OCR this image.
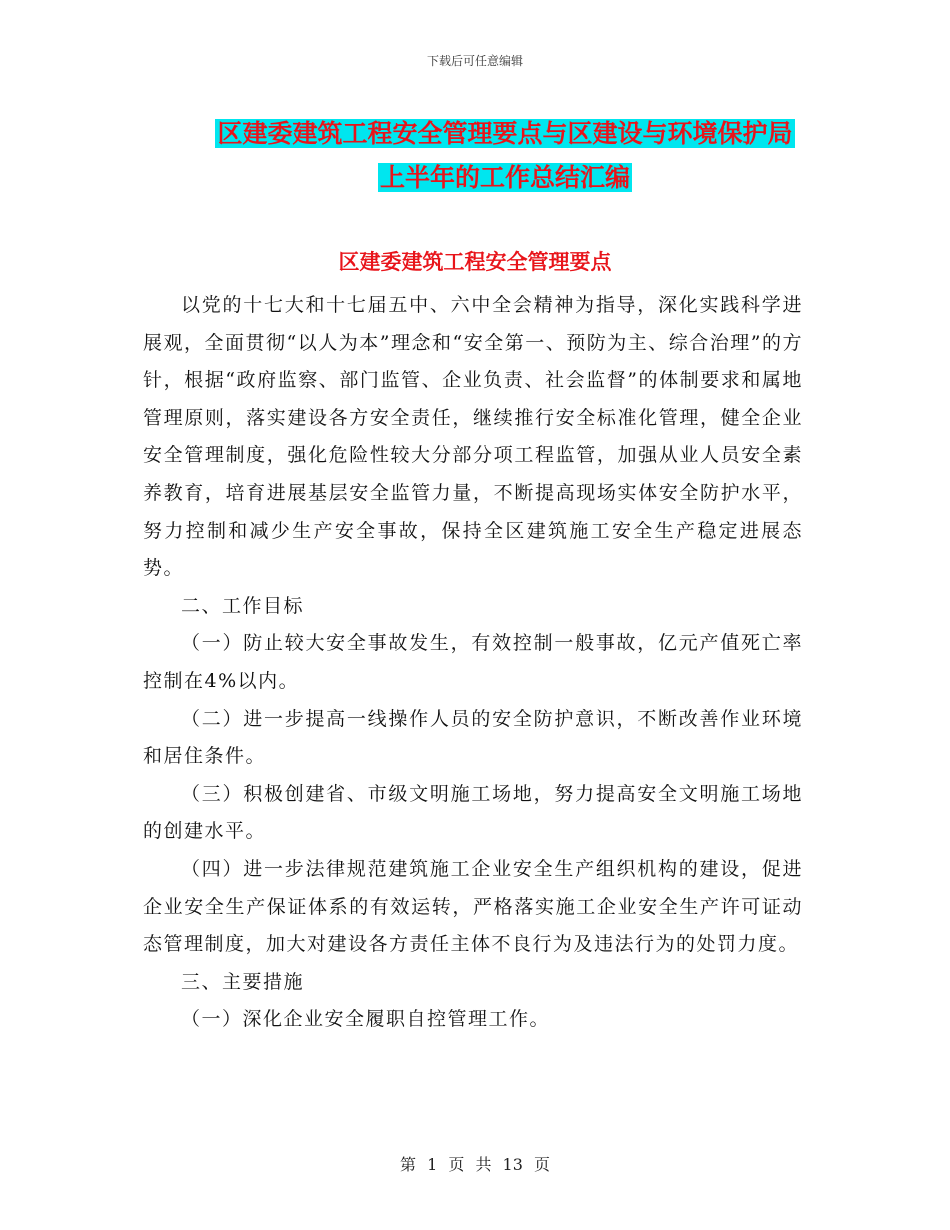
下载后可任意编辑
区建委建筑工程安全管理要点与区建设与环境保护局
上半年的工作总结汇编
区建委建筑工程安全管理要点

以党的十七大和十七届五中、六中全会精神为指导，深化实践科学进展观，全面贯彻“以人为本”理念和“安全第一、预防为主、综合治理”的方针，根据“政府监察、部门监管、企业负责、社会监督”的体制要求和属地管理原则，落实建设各方安全责任，继续推行安全标准化管理，健全企业安全管理制度，强化危险性较大分部分项工程监管，加强从业人员安全素养教育，培育进展基层安全监管力量，不断提高现场实体安全防护水平，努力控制和减少生产安全事故，保持全区建筑施工安全生产稳定进展态势。

二、工作目标

（一）防止较大安全事故发生，有效控制一般事故，亿元产值死亡率控制在4%以内。

（二）进一步提高一线操作人员的安全防护意识，不断改善作业环境和居住条件。

（三）积极创建省、市级文明施工场地，努力提高安全文明施工场地的创建水平。

（四）进一步法律规范建筑施工企业安全生产组织机构的建设，促进企业安全生产保证体系的有效运转，严格落实施工企业安全生产许可证动态管理制度，加大对建设各方责任主体不良行为及违法行为的处罚力度。

三、主要措施

（一）深化企业安全履职自控管理工作。

第 1 页 共 13 页
